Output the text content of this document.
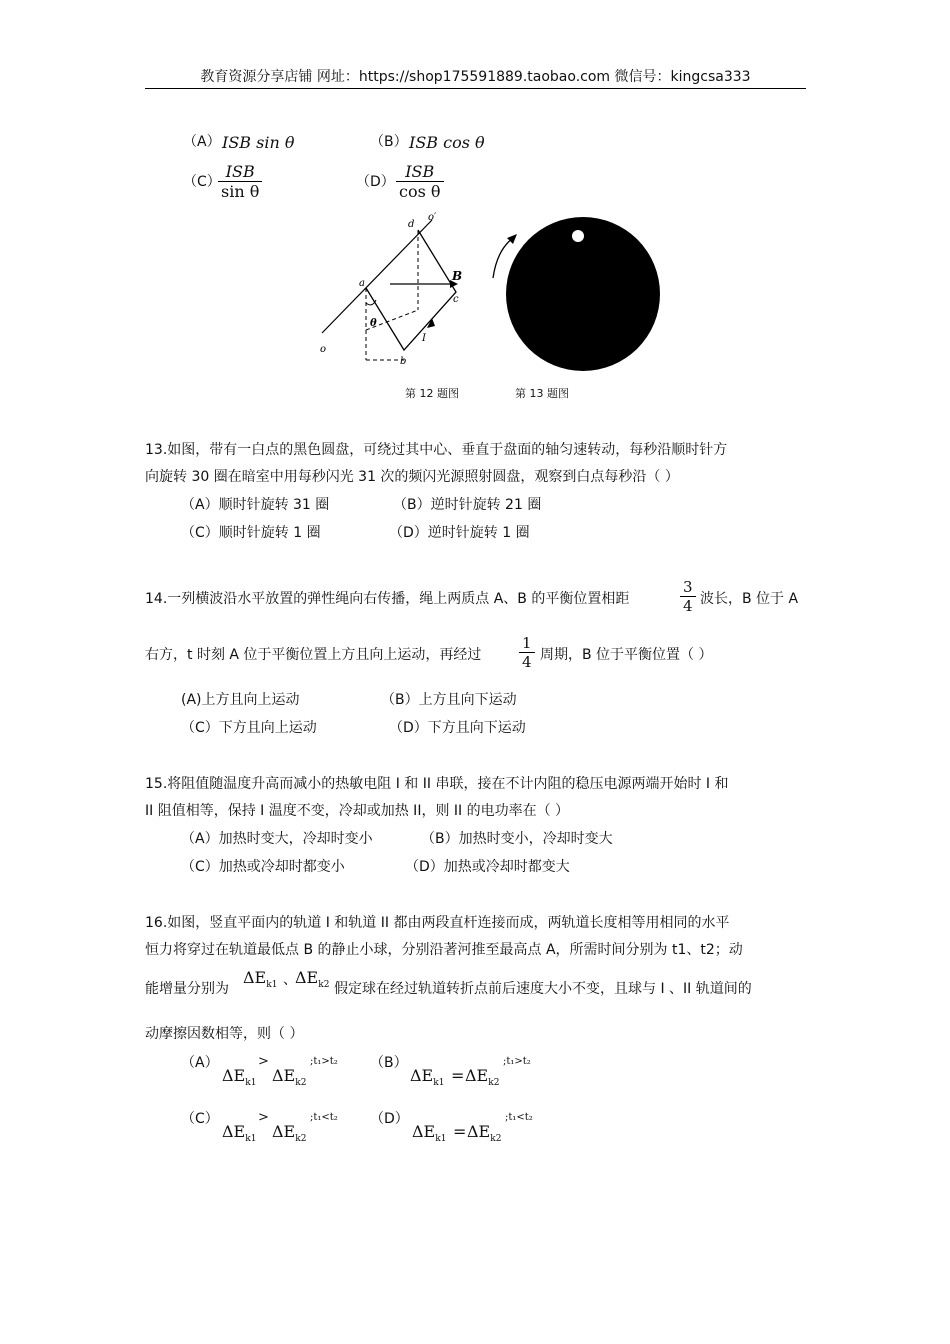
教育资源分享店铺 网址：https://shop175591889.taobao.com 微信号：kingcsa333
（A） ISB sin θ	（B） ISB cos θ
（C）
ISB
sin θ	（D）
ISB
cos θ
d
o′
a
B
c
θ
I
o
b
第 12 题图	第 13 题图
13.如图，带有一白点的黑色圆盘，可绕过其中心、垂直于盘面的轴匀速转动，每秒沿顺时针方
向旋转 30 圈在暗室中用每秒闪光 31 次的频闪光源照射圆盘，观察到白点每秒沿（ ）
（A）顺时针旋转 31 圈	（B）逆时针旋转 21 圈
（C）顺时针旋转 1 圈	（D）逆时针旋转 1 圈
14.一列横波沿水平放置的弹性绳向右传播，绳上两质点 A、B 的平衡位置相距	$\frac{3}{4}$ 波长，B 位于 A
右方，t 时刻 A 位于平衡位置上方且向上运动，再经过	$\frac{1}{4}$ 周期，B 位于平衡位置（ ）
(A)上方且向上运动	（B）上方且向下运动
（C）下方且向上运动	（D）下方且向下运动
15.将阻值随温度升高而减小的热敏电阻 I 和 II 串联，接在不计内阻的稳压电源两端开始时 I 和
II 阻值相等，保持 I 温度不变，冷却或加热 II，则 II 的电功率在（ ）
（A）加热时变大，冷却时变小	（B）加热时变小，冷却时变大
（C）加热或冷却时都变小	（D）加热或冷却时都变大
16.如图，竖直平面内的轨道 I 和轨道 II 都由两段直杆连接而成，两轨道长度相等用相同的水平
恒力将穿过在轨道最低点 B 的静止小球，分别沿著河推至最高点 A，所需时间分别为 t1、t2；动
能增量分别为
$\Delta E_{k1}$ 、
$\Delta E_{k2}$ 假定球在经过轨道转折点前后速度大小不变，且球与 I 、II 轨道间的
动摩擦因数相等，则（ ）
（A）
$\Delta E_{k1}$
>
$\Delta E_{k2}$
;t₁>t₂ （B）
$\Delta E_{k1} = \Delta E_{k2}$
;t₁>t₂
（C）
$\Delta E_{k1}$
>
$\Delta E_{k2}$
;t₁<t₂ （D）
$\Delta E_{k1} = \Delta E_{k2}$
;t₁<t₂
